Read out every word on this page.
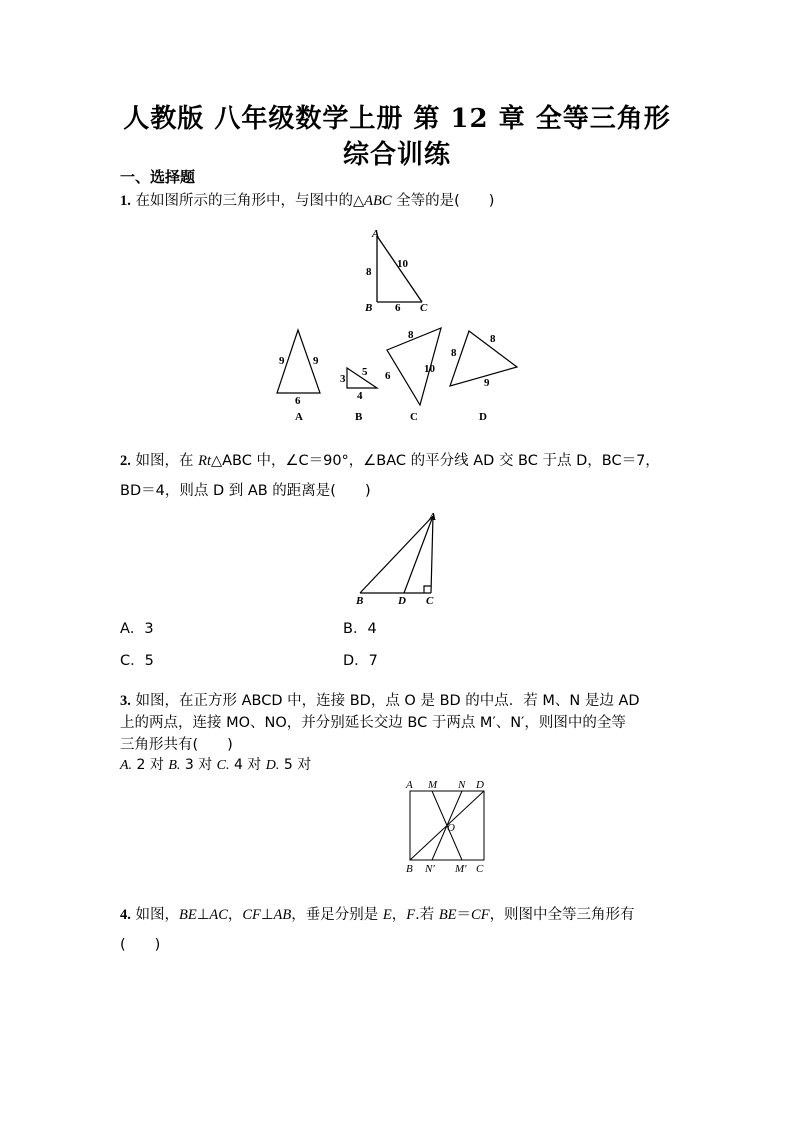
人教版 八年级数学上册 第 12 章 全等三角形
综合训练
一、选择题
1. 在如图所示的三角形中，与图中的△ABC 全等的是(　　)
A
B	C
8
10
6
9	9
6
A
3
5
4
B
8
6
10
C
8
8
9
D
2. 如图，在 Rt△ABC 中，∠C＝90°，∠BAC 的平分线 AD 交 BC 于点 D，BC＝7，
BD＝4，则点 D 到 AB 的距离是(　　)
A
B	D C
A．3	B．4
C．5	D．7
3. 如图，在正方形 ABCD 中，连接 BD，点 O 是 BD 的中点．若 M、N 是边 AD
上的两点，连接 MO、NO，并分别延长交边 BC 于两点 M′、N′，则图中的全等
三角形共有(　　)
A. 2 对 B. 3 对 C. 4 对 D. 5 对
A M N D
O
B N′ M′ C
4. 如图，BE⊥AC，CF⊥AB，垂足分别是 E，F.若 BE＝CF，则图中全等三角形有
(　　)
